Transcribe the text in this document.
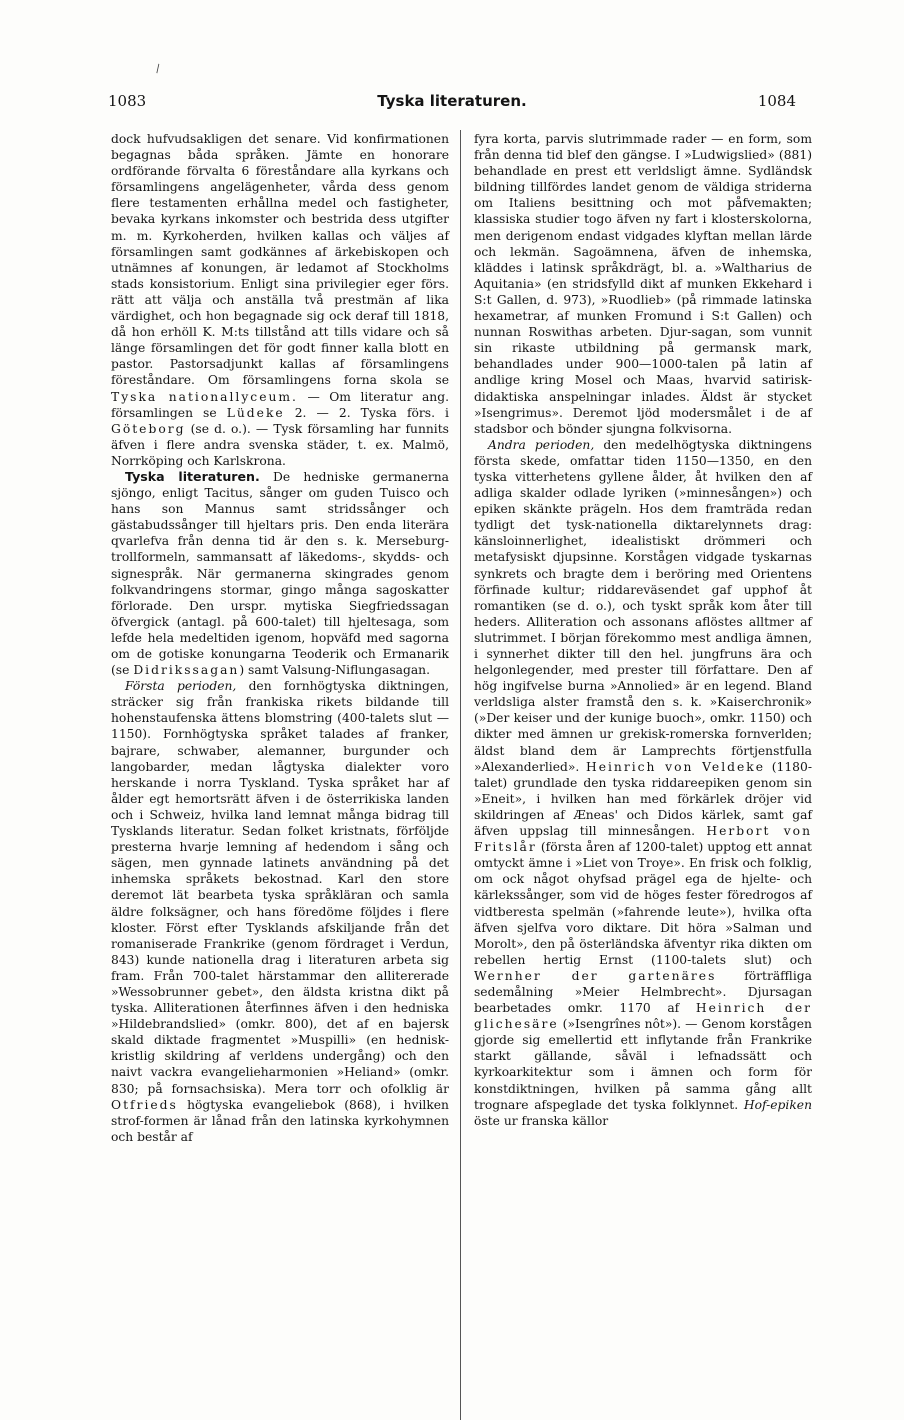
\
1083	Tyska literaturen.	1084

dock hufvudsakligen det senare. Vid konfirmationen begagnas båda språken. Jämte en honorare ordförande förvalta 6 föreståndare alla kyrkans och församlingens angelägenheter, vårda dess genom flere testamenten erhållna medel och fastigheter, bevaka kyrkans inkomster och bestrida dess utgifter m. m. Kyrkoherden, hvilken kallas och väljes af församlingen samt godkännes af ärkebiskopen och utnämnes af konungen, är ledamot af Stockholms stads konsistorium. Enligt sina privilegier eger förs. rätt att välja och anställa två prestmän af lika värdighet, och hon begagnade sig ock deraf till 1818, då hon erhöll K. M:ts tillstånd att tills vidare och så länge församlingen det för godt finner kalla blott en pastor. Pastorsadjunkt kallas af församlingens föreståndare. Om församlingens forna skola se Tyska nationallyceum. — Om literatur ang. församlingen se Lüdeke 2. — 2. Tyska förs. i Göteborg (se d. o.). — Tysk församling har funnits äfven i flere andra svenska städer, t. ex. Malmö, Norrköping och Karlskrona.

Tyska literaturen. De hedniske germanerna sjöngo, enligt Tacitus, sånger om guden Tuisco och hans son Mannus samt stridssånger och gästabudssånger till hjeltars pris. Den enda literära qvarlefva från denna tid är den s. k. Merseburg-trollformeln, sammansatt af läkedoms-, skydds- och signespråk. När germanerna skingrades genom folkvandringens stormar, gingo många sagoskatter förlorade. Den urspr. mytiska Siegfriedssagan öfvergick (antagl. på 600-talet) till hjeltesaga, som lefde hela medeltiden igenom, hopväfd med sagorna om de gotiske konungarna Teoderik och Ermanarik (se Didrikssagan) samt Valsung-Niflungasagan.

Första perioden, den fornhögtyska diktningen, sträcker sig från frankiska rikets bildande till hohenstaufenska ättens blomstring (400-talets slut —1150). Fornhögtyska språket talades af franker, bajrare, schwaber, alemanner, burgunder och langobarder, medan lågtyska dialekter voro herskande i norra Tyskland. Tyska språket har af ålder egt hemortsrätt äfven i de österrikiska landen och i Schweiz, hvilka land lemnat många bidrag till Tysklands literatur. Sedan folket kristnats, förföljde presterna hvarje lemning af hedendom i sång och sägen, men gynnade latinets användning på det inhemska språkets bekostnad. Karl den store deremot lät bearbeta tyska språkläran och samla äldre folksägner, och hans föredöme följdes i flere kloster. Först efter Tysklands afskiljande från det romaniserade Frankrike (genom fördraget i Verdun, 843) kunde nationella drag i literaturen arbeta sig fram. Från 700-talet härstammar den allitererade »Wessobrunner gebet», den äldsta kristna dikt på tyska. Alliterationen återfinnes äfven i den hedniska »Hildebrandslied» (omkr. 800), det af en bajersk skald diktade fragmentet »Muspilli» (en hednisk-kristlig skildring af verldens undergång) och den naivt vackra evangelieharmonien »Heliand» (omkr. 830; på fornsachsiska). Mera torr och ofolklig är Otfrieds högtyska evangeliebok (868), i hvilken strof-formen är lånad från den latinska kyrkohymnen och består af

fyra korta, parvis slutrimmade rader — en form, som från denna tid blef den gängse. I »Ludwigslied» (881) behandlade en prest ett verldsligt ämne. Sydländsk bildning tillfördes landet genom de väldiga striderna om Italiens besittning och mot påfvemakten; klassiska studier togo äfven ny fart i klosterskolorna, men derigenom endast vidgades klyftan mellan lärde och lekmän. Sagoämnena, äfven de inhemska, kläddes i latinsk språkdrägt, bl. a. »Waltharius de Aquitania» (en stridsfylld dikt af munken Ekkehard i S:t Gallen, d. 973), »Ruodlieb» (på rimmade latinska hexametrar, af munken Fromund i S:t Gallen) och nunnan Roswithas arbeten. Djur-sagan, som vunnit sin rikaste utbildning på germansk mark, behandlades under 900—1000-talen på latin af andlige kring Mosel och Maas, hvarvid satirisk-didaktiska anspelningar inlades. Äldst är stycket »Isengrimus». Deremot ljöd modersmålet i de af stadsbor och bönder sjungna folkvisorna.

Andra perioden, den medelhögtyska diktningens första skede, omfattar tiden 1150—1350, en den tyska vitterhetens gyllene ålder, åt hvilken den af adliga skalder odlade lyriken (»minnesången») och epiken skänkte prägeln. Hos dem framträda redan tydligt det tysk-nationella diktarelynnets drag: känsloinnerlighet, idealistiskt drömmeri och metafysiskt djupsinne. Korstågen vidgade tyskarnas synkrets och bragte dem i beröring med Orientens förfinade kultur; riddareväsendet gaf upphof åt romantiken (se d. o.), och tyskt språk kom åter till heders. Alliteration och assonans aflöstes alltmer af slutrimmet. I början förekommo mest andliga ämnen, i synnerhet dikter till den hel. jungfruns ära och helgonlegender, med prester till författare. Den af hög ingifvelse burna »Annolied» är en legend. Bland verldsliga alster framstå den s. k. »Kaiserchronik» (»Der keiser und der kunige buoch», omkr. 1150) och dikter med ämnen ur grekisk-romerska fornverlden; äldst bland dem är Lamprechts förtjenstfulla »Alexanderlied». Heinrich von Veldeke (1180-talet) grundlade den tyska riddareepiken genom sin »Eneit», i hvilken han med förkärlek dröjer vid skildringen af Æneas' och Didos kärlek, samt gaf äfven uppslag till minnesången. Herbort von Fritslår (första åren af 1200-talet) upptog ett annat omtyckt ämne i »Liet von Troye». En frisk och folklig, om ock något ohyfsad prägel ega de hjelte- och kärlekssånger, som vid de höges fester föredrogos af vidtberesta spelmän (»fahrende leute»), hvilka ofta äfven sjelfva voro diktare. Dit höra »Salman und Morolt», den på österländska äfventyr rika dikten om rebellen hertig Ernst (1100-talets slut) och Wernher der gartenäres förträffliga sedemålning »Meier Helmbrecht». Djursagan bearbetades omkr. 1170 af Heinrich der glichesäre (»Isengrînes nôt»). — Genom korstågen gjorde sig emellertid ett inflytande från Frankrike starkt gällande, såväl i lefnadssätt och kyrkoarkitektur som i ämnen och form för konstdiktningen, hvilken på samma gång allt trognare afspeglade det tyska folklynnet. Hof-epiken öste ur franska källor
